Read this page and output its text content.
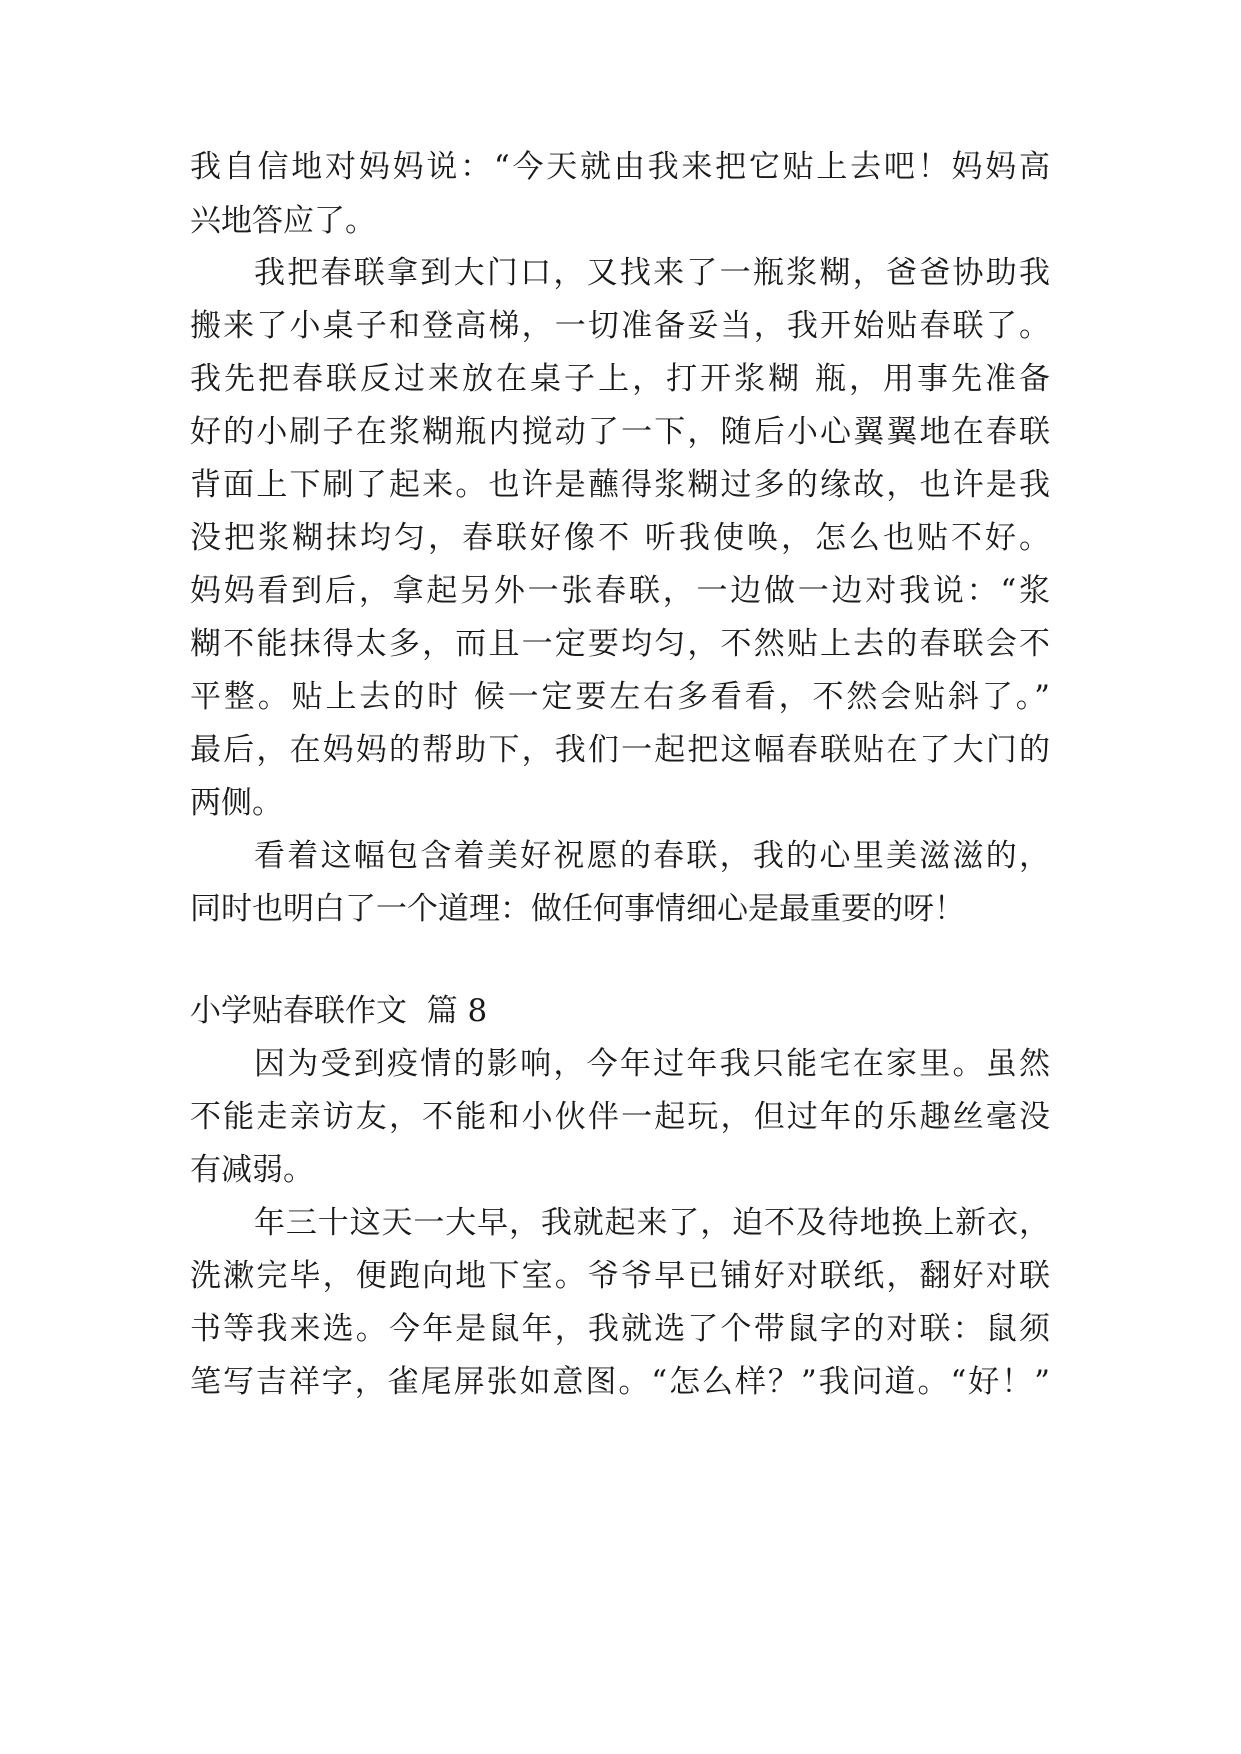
我自信地对妈妈说：“今天就由我来把它贴上去吧！妈妈高
兴地答应了。
我把春联拿到大门口，又找来了一瓶浆糊，爸爸协助我
搬来了小桌子和登高梯，一切准备妥当，我开始贴春联了。
我先把春联反过来放在桌子上，打开浆糊 瓶，用事先准备
好的小刷子在浆糊瓶内搅动了一下，随后小心翼翼地在春联
背面上下刷了起来。也许是蘸得浆糊过多的缘故，也许是我
没把浆糊抹均匀，春联好像不 听我使唤，怎么也贴不好。
妈妈看到后，拿起另外一张春联，一边做一边对我说：“浆
糊不能抹得太多，而且一定要均匀，不然贴上去的春联会不
平整。贴上去的时 候一定要左右多看看，不然会贴斜了。”
最后，在妈妈的帮助下，我们一起把这幅春联贴在了大门的
两侧。
看着这幅包含着美好祝愿的春联，我的心里美滋滋的，
同时也明白了一个道理：做任何事情细心是最重要的呀！
小学贴春联作文  篇 8
因为受到疫情的影响，今年过年我只能宅在家里。虽然
不能走亲访友，不能和小伙伴一起玩，但过年的乐趣丝毫没
有减弱。
年三十这天一大早，我就起来了，迫不及待地换上新衣，
洗漱完毕，便跑向地下室。爷爷早已铺好对联纸，翻好对联
书等我来选。今年是鼠年，我就选了个带鼠字的对联：鼠须
笔写吉祥字，雀尾屏张如意图。“怎么样？”我问道。“好！”
